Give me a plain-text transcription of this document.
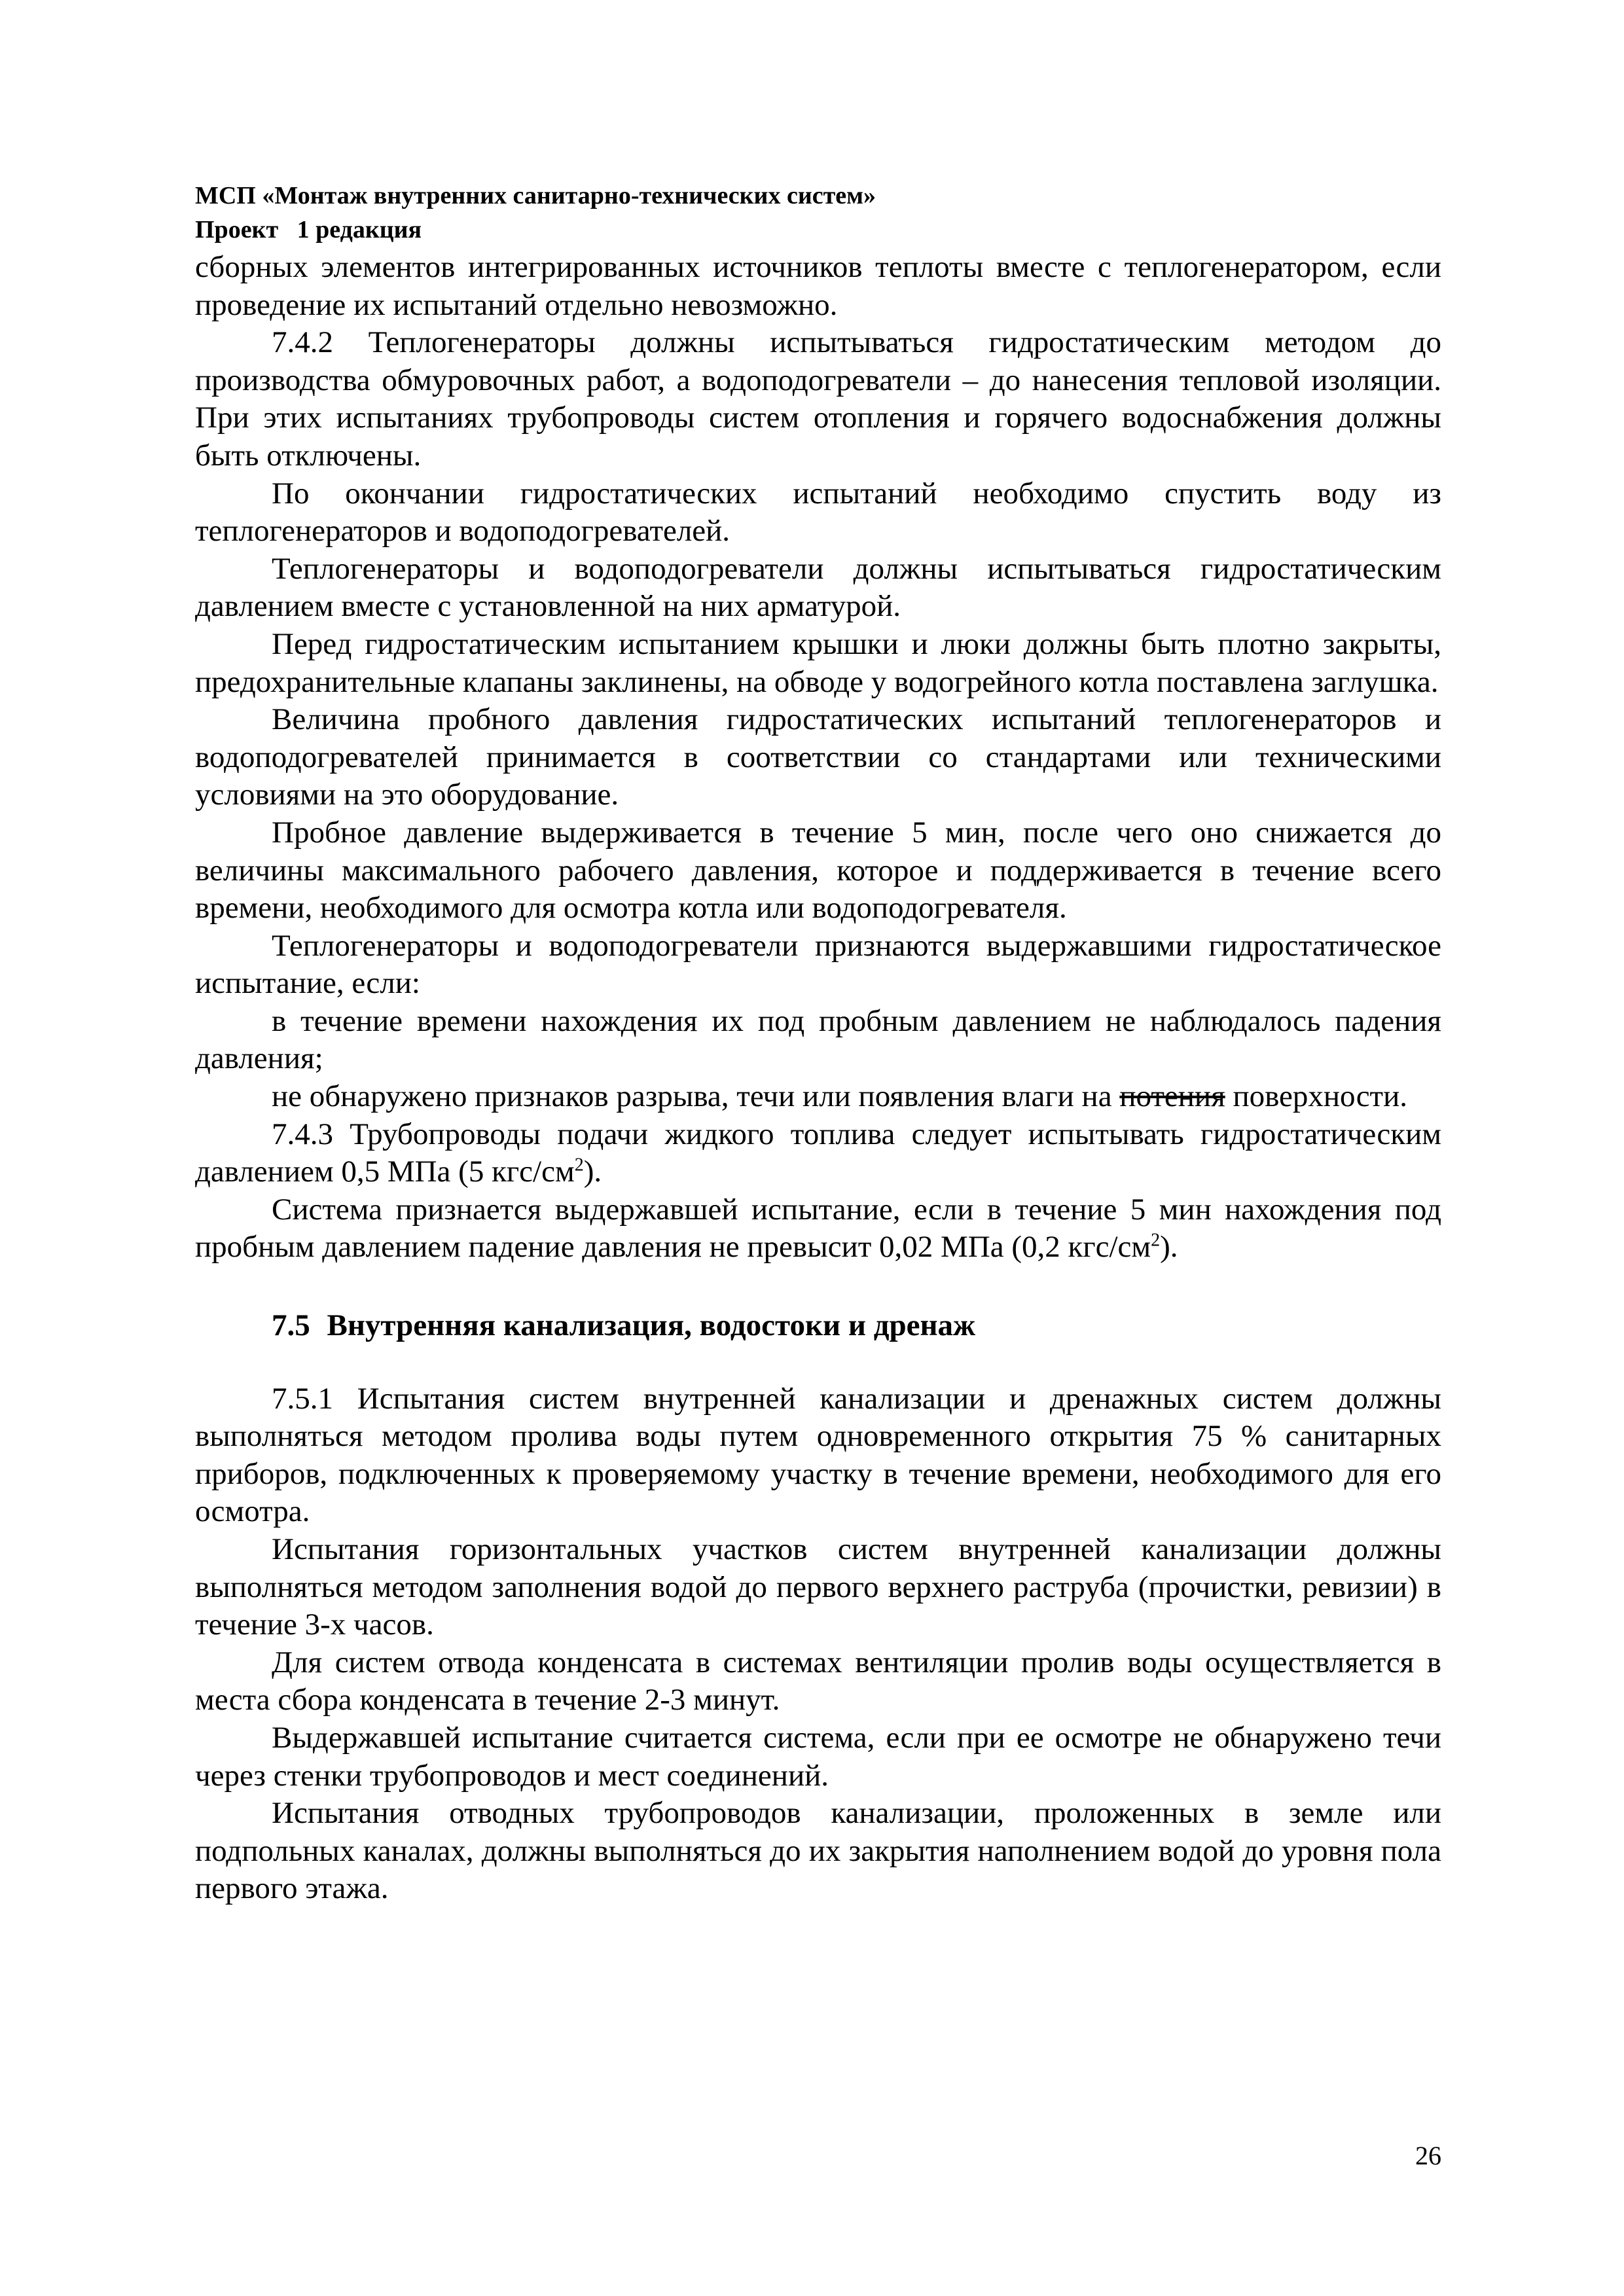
МСП «Монтаж внутренних санитарно-технических систем»
Проект   1 редакция

сборных элементов интегрированных источников теплоты вместе с теплогенератором, если проведение их испытаний отдельно невозможно.

7.4.2 Теплогенераторы должны испытываться гидростатическим методом до производства обмуровочных работ, а водоподогреватели – до нанесения тепловой изоляции. При этих испытаниях трубопроводы систем отопления и горячего водоснабжения должны быть отключены.

По окончании гидростатических испытаний необходимо спустить воду из теплогенераторов и водоподогревателей.

Теплогенераторы и водоподогреватели должны испытываться гидростатическим давлением вместе с установленной на них арматурой.

Перед гидростатическим испытанием крышки и люки должны быть плотно закрыты, предохранительные клапаны заклинены, на обводе у водогрейного котла поставлена заглушка.

Величина пробного давления гидростатических испытаний теплогенераторов и водоподогревателей принимается в соответствии со стандартами или техническими условиями на это оборудование.

Пробное давление выдерживается в течение 5 мин, после чего оно снижается до величины максимального рабочего давления, которое и поддерживается в течение всего времени, необходимого для осмотра котла или водоподогревателя.

Теплогенераторы и водоподогреватели признаются выдержавшими гидростатическое испытание, если:

в течение времени нахождения их под пробным давлением не наблюдалось падения давления;

не обнаружено признаков разрыва, течи или появления влаги на потения поверхности.

7.4.3 Трубопроводы подачи жидкого топлива следует испытывать гидростатическим давлением 0,5 МПа (5 кгс/$см^2$).

Система признается выдержавшей испытание, если в течение 5 мин нахождения под пробным давлением падение давления не превысит 0,02 МПа (0,2 кгс/$см^2$).

7.5 Внутренняя канализация, водостоки и дренаж

7.5.1 Испытания систем внутренней канализации и дренажных систем должны выполняться методом пролива воды путем одновременного открытия 75 % санитарных приборов, подключенных к проверяемому участку в течение времени, необходимого для его осмотра.

Испытания горизонтальных участков систем внутренней канализации должны выполняться методом заполнения водой до первого верхнего раструба (прочистки, ревизии) в течение 3-х часов.

Для систем отвода конденсата в системах вентиляции пролив воды осуществляется в места сбора конденсата в течение 2-3 минут.

Выдержавшей испытание считается система, если при ее осмотре не обнаружено течи через стенки трубопроводов и мест соединений.

Испытания отводных трубопроводов канализации, проложенных в земле или подпольных каналах, должны выполняться до их закрытия наполнением водой до уровня пола первого этажа.

26
